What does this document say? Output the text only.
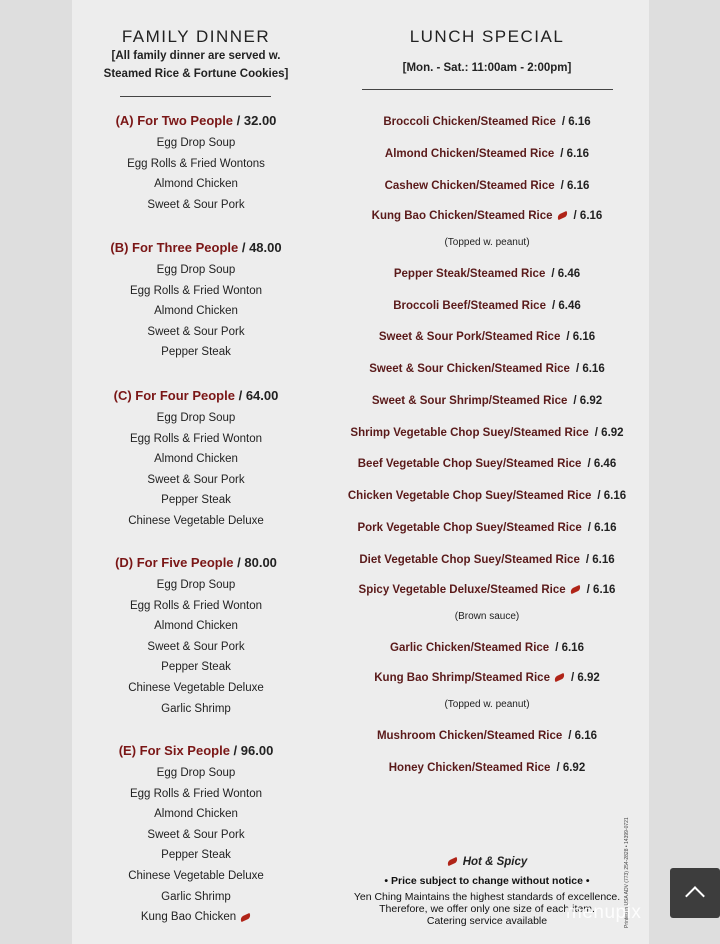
FAMILY DINNER
[All family dinner are served w.
Steamed Rice & Fortune Cookies]
(A) For Two People / 32.00
Egg Drop Soup
Egg Rolls & Fried Wontons
Almond Chicken
Sweet & Sour Pork
(B) For Three People / 48.00
Egg Drop Soup
Egg Rolls & Fried Wonton
Almond Chicken
Sweet & Sour Pork
Pepper Steak
(C) For Four People / 64.00
Egg Drop Soup
Egg Rolls & Fried Wonton
Almond Chicken
Sweet & Sour Pork
Pepper Steak
Chinese Vegetable Deluxe
(D) For Five People / 80.00
Egg Drop Soup
Egg Rolls & Fried Wonton
Almond Chicken
Sweet & Sour Pork
Pepper Steak
Chinese Vegetable Deluxe
Garlic Shrimp
(E) For Six People / 96.00
Egg Drop Soup
Egg Rolls & Fried Wonton
Almond Chicken
Sweet & Sour Pork
Pepper Steak
Chinese Vegetable Deluxe
Garlic Shrimp
Kung Bao Chicken
LUNCH SPECIAL
[Mon. - Sat.: 11:00am - 2:00pm]
Hot & Spicy
• Price subject to change without notice •
Yen Ching Maintains the highest standards of excellence.
Therefore, we offer only one size of each item.
Catering service available
Broccoli Chicken/Steamed Rice / 6.16
Almond Chicken/Steamed Rice / 6.16
Cashew Chicken/Steamed Rice / 6.16
Kung Bao Chicken/Steamed Rice / 6.16
(Topped w. peanut)
Pepper Steak/Steamed Rice / 6.46
Broccoli Beef/Steamed Rice / 6.46
Sweet & Sour Pork/Steamed Rice / 6.16
Sweet & Sour Chicken/Steamed Rice / 6.16
Sweet & Sour Shrimp/Steamed Rice / 6.92
Shrimp Vegetable Chop Suey/Steamed Rice / 6.92
Beef Vegetable Chop Suey/Steamed Rice / 6.46
Chicken Vegetable Chop Suey/Steamed Rice / 6.16
Pork Vegetable Chop Suey/Steamed Rice / 6.16
Diet Vegetable Chop Suey/Steamed Rice / 6.16
Spicy Vegetable Deluxe/Steamed Rice / 6.16
(Brown sauce)
Garlic Chicken/Steamed Rice / 6.16
Kung Bao Shrimp/Steamed Rice / 6.92
(Topped w. peanut)
Mushroom Chicken/Steamed Rice / 6.16
Honey Chicken/Steamed Rice / 6.92
Printed in USA ADV (773) 254-2828 • 14399-0721
menupix
